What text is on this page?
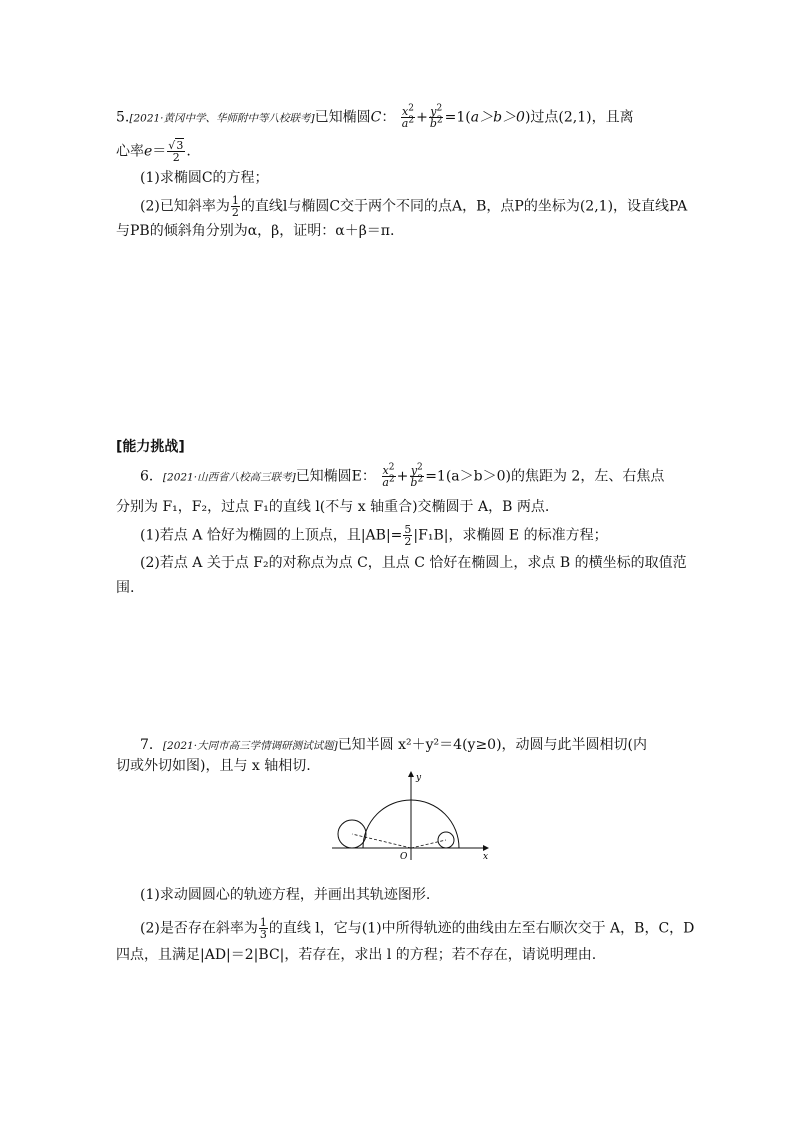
5.[2021·黄冈中学、华师附中等八校联考]已知椭圆C： $\frac{x^2}{a^2} + \frac{y^2}{b^2} =1(a>b>0)$过点(2,1)，且离
心率$e= \frac{√3}{2}$ .
(1)求椭圆C的方程；
(2)已知斜率为 $\frac{1}{2}$ 的直线l与椭圆C交于两个不同的点A，B，点P的坐标为(2,1)，设直线PA
与PB的倾斜角分别为α，β，证明：α＋β＝π.
[能力挑战]
6．[2021·山西省八校高三联考]已知椭圆E： $\frac{x^2}{a^2} + \frac{y^2}{b^2} =1(a>b>0)$的焦距为 2，左、右焦点
分别为 F₁，F₂，过点 F₁的直线 l(不与 x 轴重合)交椭圆于 A，B 两点.
(1)若点 A 恰好为椭圆的上顶点，且$|AB|= \frac{5}{2} |F_1B|$，求椭圆 E 的标准方程；
(2)若点 A 关于点 F₂的对称点为点 C，且点 C 恰好在椭圆上，求点 B 的横坐标的取值范
围.
7．[2021·大同市高三学情调研测试试题]已知半圆 x²＋y²＝4(y≥0)，动圆与此半圆相切(内
切或外切如图)，且与 x 轴相切.
y
x
O
(1)求动圆圆心的轨迹方程，并画出其轨迹图形.
(2)是否存在斜率为 $\frac{1}{3}$ 的直线 l，它与(1)中所得轨迹的曲线由左至右顺次交于 A，B，C，D
四点，且满足|AD|＝2|BC|，若存在，求出 l 的方程；若不存在，请说明理由.
